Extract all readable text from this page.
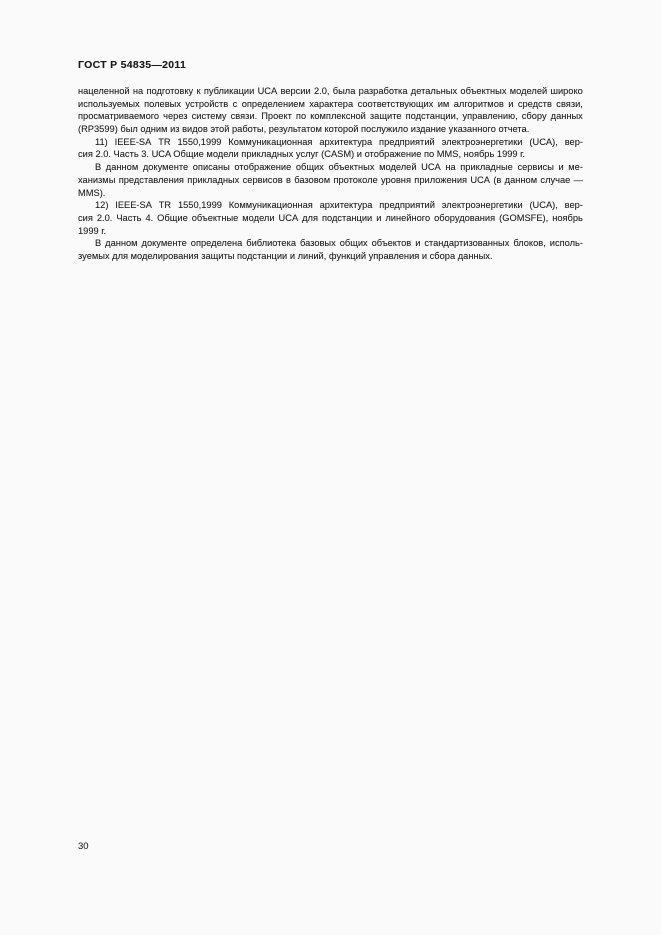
ГОСТ Р 54835—2011
нацеленной на подготовку к публикации UCA версии 2.0, была разработка детальных объектных моделей широко
используемых полевых устройств с определением характера соответствующих им алгоритмов и средств связи,
просматриваемого через систему связи. Проект по комплексной защите подстанции, управлению, сбору данных
(RP3599) был одним из видов этой работы, результатом которой послужило издание указанного отчета.
11) IEEE-SA TR 1550,1999 Коммуникационная архитектура предприятий электроэнергетики (UCA), вер-
сия 2.0. Часть 3. UCA Общие модели прикладных услуг (CASM) и отображение по MMS, ноябрь 1999 г.
В данном документе описаны отображение общих объектных моделей UCA на прикладные сервисы и ме-
ханизмы представления прикладных сервисов в базовом протоколе уровня приложения UCA (в данном случае —
MMS).
12) IEEE-SA TR 1550,1999 Коммуникационная архитектура предприятий электроэнергетики (UCA), вер-
сия 2.0. Часть 4. Общие объектные модели UCA для подстанции и линейного оборудования (GOMSFE), ноябрь
1999 г.
В данном документе определена библиотека базовых общих объектов и стандартизованных блоков, исполь-
зуемых для моделирования защиты подстанции и линий, функций управления и сбора данных.
30
